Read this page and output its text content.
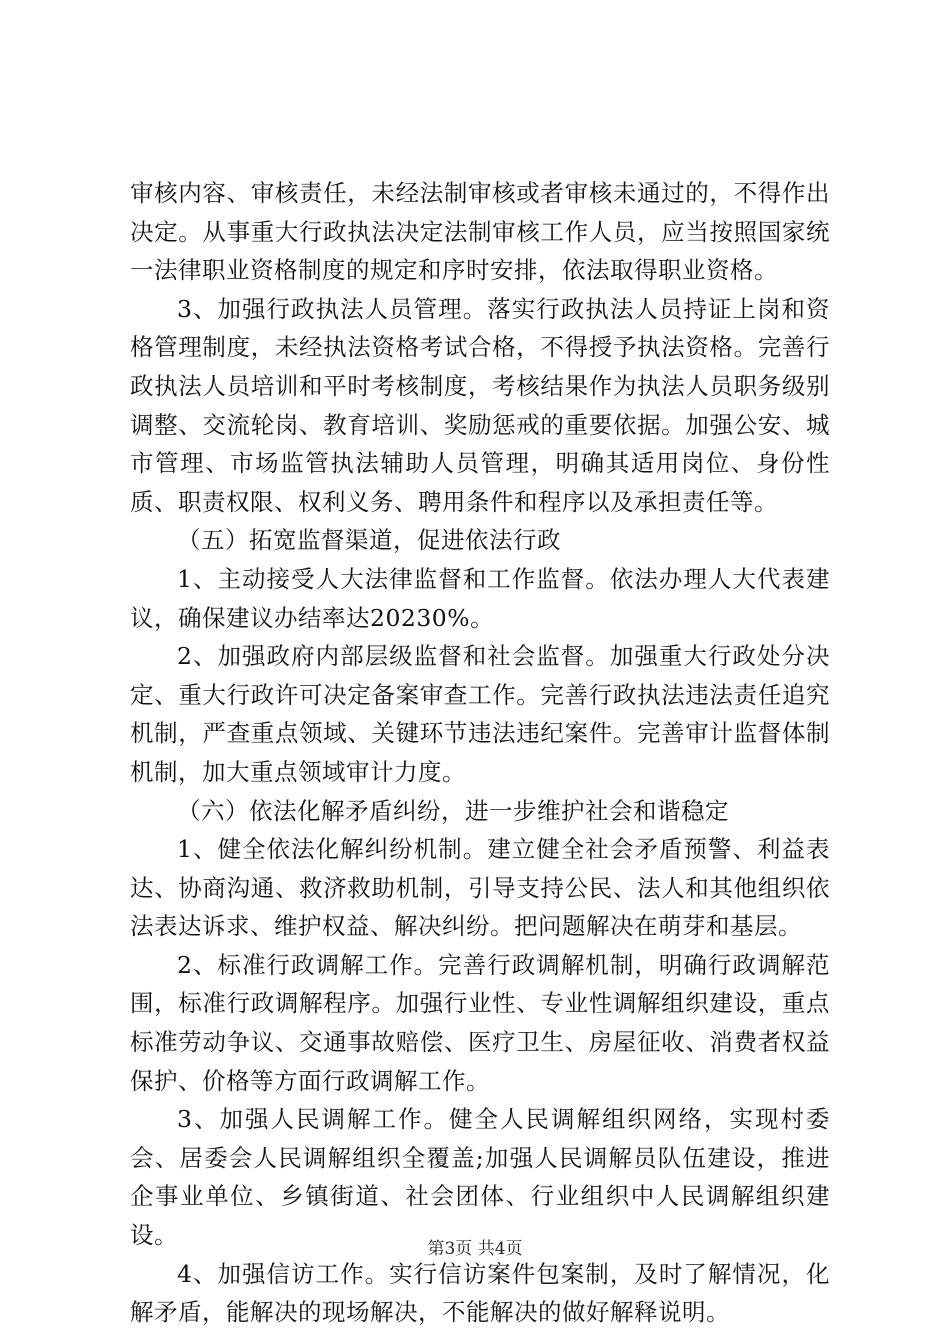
审核内容、审核责任，未经法制审核或者审核未通过的，不得作出决定。从事重大行政执法决定法制审核工作人员，应当按照国家统一法律职业资格制度的规定和序时安排，依法取得职业资格。

3、加强行政执法人员管理。落实行政执法人员持证上岗和资格管理制度，未经执法资格考试合格，不得授予执法资格。完善行政执法人员培训和平时考核制度，考核结果作为执法人员职务级别调整、交流轮岗、教育培训、奖励惩戒的重要依据。加强公安、城市管理、市场监管执法辅助人员管理，明确其适用岗位、身份性质、职责权限、权利义务、聘用条件和程序以及承担责任等。

（五）拓宽监督渠道，促进依法行政

1、主动接受人大法律监督和工作监督。依法办理人大代表建议，确保建议办结率达20230%。

2、加强政府内部层级监督和社会监督。加强重大行政处分决定、重大行政许可决定备案审查工作。完善行政执法违法责任追究机制，严查重点领域、关键环节违法违纪案件。完善审计监督体制机制，加大重点领域审计力度。

（六）依法化解矛盾纠纷，进一步维护社会和谐稳定

1、健全依法化解纠纷机制。建立健全社会矛盾预警、利益表达、协商沟通、救济救助机制，引导支持公民、法人和其他组织依法表达诉求、维护权益、解决纠纷。把问题解决在萌芽和基层。

2、标准行政调解工作。完善行政调解机制，明确行政调解范围，标准行政调解程序。加强行业性、专业性调解组织建设，重点标准劳动争议、交通事故赔偿、医疗卫生、房屋征收、消费者权益保护、价格等方面行政调解工作。

3、加强人民调解工作。健全人民调解组织网络，实现村委会、居委会人民调解组织全覆盖;加强人民调解员队伍建设，推进企事业单位、乡镇街道、社会团体、行业组织中人民调解组织建设。

4、加强信访工作。实行信访案件包案制，及时了解情况，化解矛盾，能解决的现场解决，不能解决的做好解释说明。

第3页 共4页
